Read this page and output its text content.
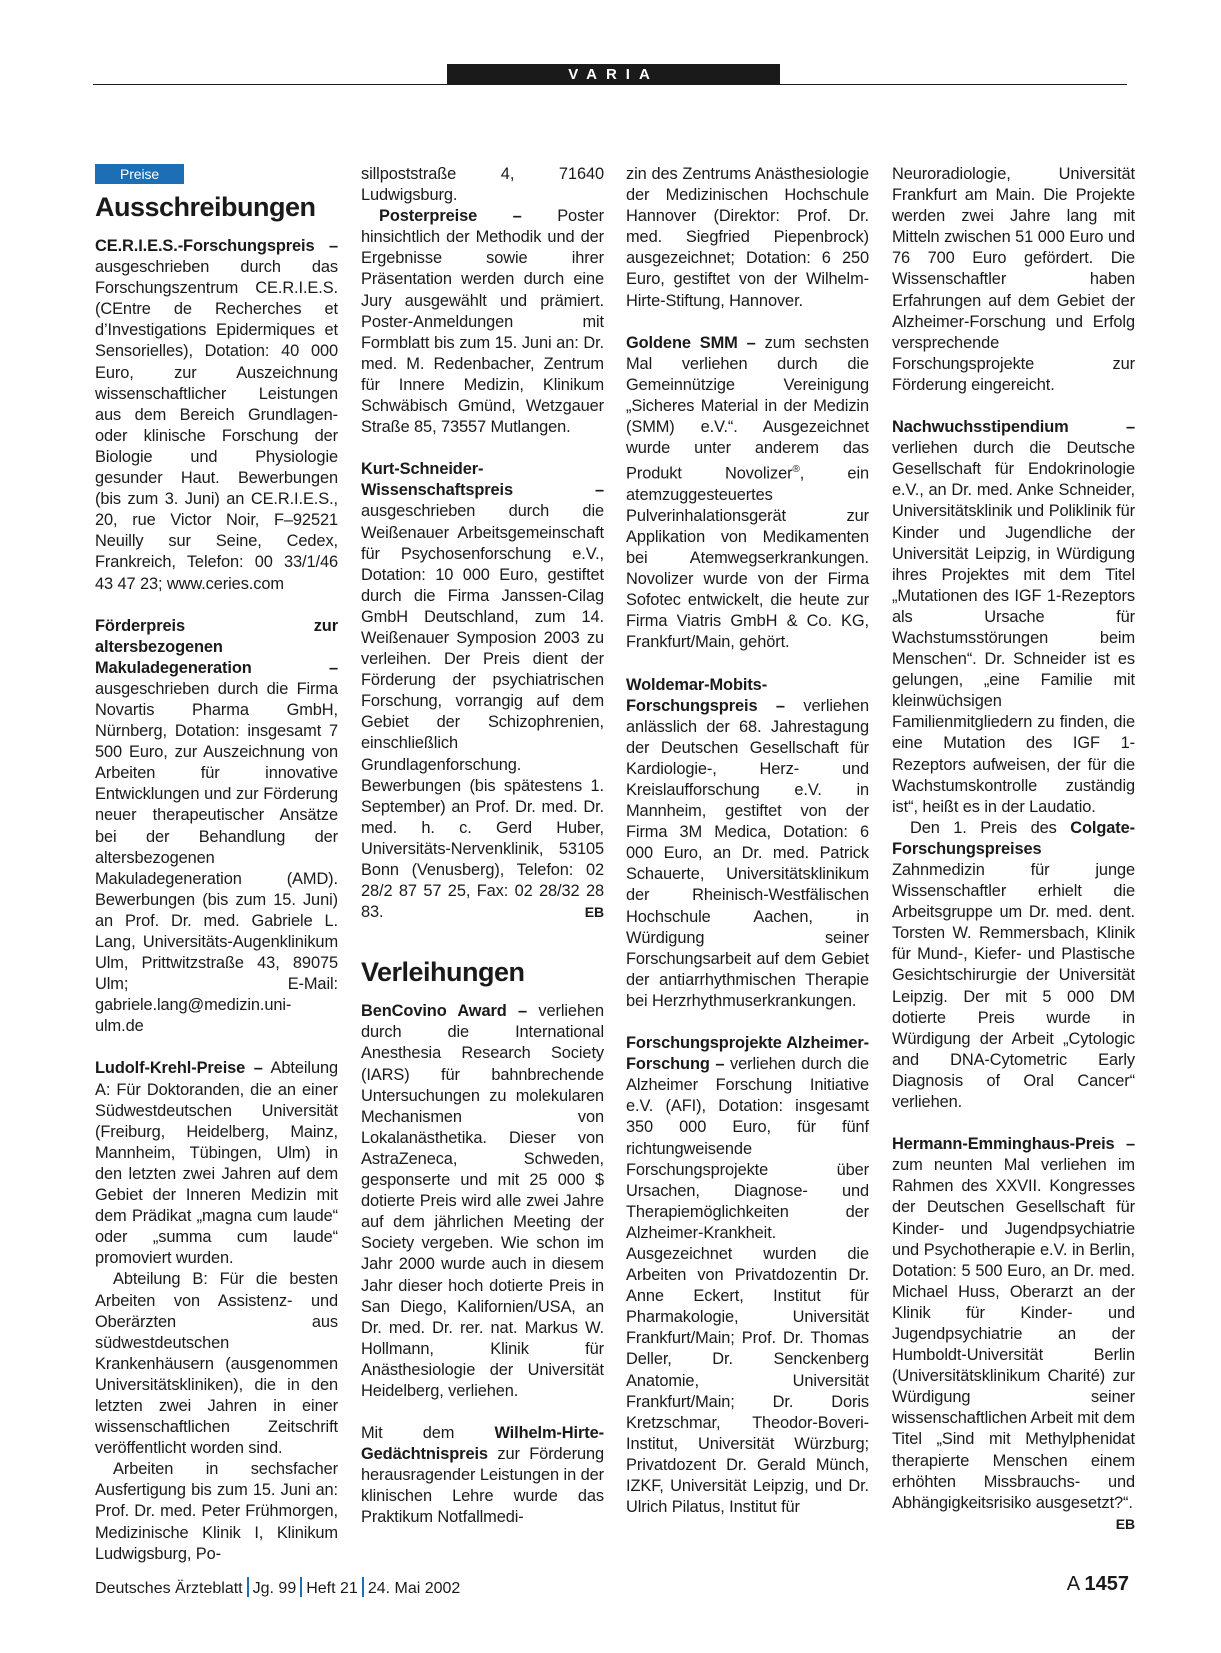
VARIA
Preise
Ausschreibungen

CE.R.I.E.S.-Forschungspreis – ausgeschrieben durch das Forschungszentrum CE.R.I.E.S. (CEntre de Recherches et d’Investigations Epidermiques et Sensorielles), Dotation: 40 000 Euro, zur Auszeichnung wissenschaftlicher Leistungen aus dem Bereich Grundlagen- oder klinische Forschung der Biologie und Physiologie gesunder Haut. Bewerbungen (bis zum 3. Juni) an CE.R.I.E.S., 20, rue Victor Noir, F–92521 Neuilly sur Seine, Cedex, Frankreich, Telefon: 00 33/1/46 43 47 23; www.ceries.com

Förderpreis zur altersbezogenen Makuladegeneration – ausgeschrieben durch die Firma Novartis Pharma GmbH, Nürnberg, Dotation: insgesamt 7 500 Euro, zur Auszeichnung von Arbeiten für innovative Entwicklungen und zur Förderung neuer therapeutischer Ansätze bei der Behandlung der altersbezogenen Makuladegeneration (AMD). Bewerbungen (bis zum 15. Juni) an Prof. Dr. med. Gabriele L. Lang, Universitäts-Augenklinikum Ulm, Prittwitzstraße 43, 89075 Ulm; E-Mail: gabriele.lang@medizin.uni-ulm.de

Ludolf-Krehl-Preise – Abteilung A: Für Doktoranden, die an einer Südwestdeutschen Universität (Freiburg, Heidelberg, Mainz, Mannheim, Tübingen, Ulm) in den letzten zwei Jahren auf dem Gebiet der Inneren Medizin mit dem Prädikat „magna cum laude“ oder „summa cum laude“ promoviert wurden.

Abteilung B: Für die besten Arbeiten von Assistenz- und Oberärzten aus südwestdeutschen Krankenhäusern (ausgenommen Universitätskliniken), die in den letzten zwei Jahren in einer wissenschaftlichen Zeitschrift veröffentlicht worden sind.

Arbeiten in sechsfacher Ausfertigung bis zum 15. Juni an: Prof. Dr. med. Peter Frühmorgen, Medizinische Klinik I, Klinikum Ludwigsburg, Po-

sillpoststraße 4, 71640 Ludwigsburg.

Posterpreise – Poster hinsichtlich der Methodik und der Ergebnisse sowie ihrer Präsentation werden durch eine Jury ausgewählt und prämiert. Poster-Anmeldungen mit Formblatt bis zum 15. Juni an: Dr. med. M. Redenbacher, Zentrum für Innere Medizin, Klinikum Schwäbisch Gmünd, Wetzgauer Straße 85, 73557 Mutlangen.

Kurt-Schneider-Wissenschaftspreis – ausgeschrieben durch die Weißenauer Arbeitsgemeinschaft für Psychosenforschung e.V., Dotation: 10 000 Euro, gestiftet durch die Firma Janssen-Cilag GmbH Deutschland, zum 14. Weißenauer Symposion 2003 zu verleihen. Der Preis dient der Förderung der psychiatrischen Forschung, vorrangig auf dem Gebiet der Schizophrenien, einschließlich Grundlagenforschung. Bewerbungen (bis spätestens 1. September) an Prof. Dr. med. Dr. med. h. c. Gerd Huber, Universitäts-Nervenklinik, 53105 Bonn (Venusberg), Telefon: 02 28/2 87 57 25, Fax: 02 28/32 28 83.	EB

Verleihungen

BenCovino Award – verliehen durch die International Anesthesia Research Society (IARS) für bahnbrechende Untersuchungen zu molekularen Mechanismen von Lokalanästhetika. Dieser von AstraZeneca, Schweden, gesponserte und mit 25 000 $ dotierte Preis wird alle zwei Jahre auf dem jährlichen Meeting der Society vergeben. Wie schon im Jahr 2000 wurde auch in diesem Jahr dieser hoch dotierte Preis in San Diego, Kalifornien/USA, an Dr. med. Dr. rer. nat. Markus W. Hollmann, Klinik für Anästhesiologie der Universität Heidelberg, verliehen.

Mit dem Wilhelm-Hirte-Gedächtnispreis zur Förderung herausragender Leistungen in der klinischen Lehre wurde das Praktikum Notfallmedi-

zin des Zentrums Anästhesiologie der Medizinischen Hochschule Hannover (Direktor: Prof. Dr. med. Siegfried Piepenbrock) ausgezeichnet; Dotation: 6 250 Euro, gestiftet von der Wilhelm-Hirte-Stiftung, Hannover.

Goldene SMM – zum sechsten Mal verliehen durch die Gemeinnützige Vereinigung „Sicheres Material in der Medizin (SMM) e.V.“. Ausgezeichnet wurde unter anderem das Produkt Novolizer®, ein atemzuggesteuertes Pulverinhalationsgerät zur Applikation von Medikamenten bei Atemwegserkrankungen. Novolizer wurde von der Firma Sofotec entwickelt, die heute zur Firma Viatris GmbH & Co. KG, Frankfurt/Main, gehört.

Woldemar-Mobits-Forschungspreis – verliehen anlässlich der 68. Jahrestagung der Deutschen Gesellschaft für Kardiologie-, Herz- und Kreislaufforschung e.V. in Mannheim, gestiftet von der Firma 3M Medica, Dotation: 6 000 Euro, an Dr. med. Patrick Schauerte, Universitätsklinikum der Rheinisch-Westfälischen Hochschule Aachen, in Würdigung seiner Forschungsarbeit auf dem Gebiet der antiarrhythmischen Therapie bei Herzrhythmuserkrankungen.

Forschungsprojekte Alzheimer-Forschung – verliehen durch die Alzheimer Forschung Initiative e.V. (AFI), Dotation: insgesamt 350 000 Euro, für fünf richtungweisende Forschungsprojekte über Ursachen, Diagnose- und Therapiemöglichkeiten der Alzheimer-Krankheit. Ausgezeichnet wurden die Arbeiten von Privatdozentin Dr. Anne Eckert, Institut für Pharmakologie, Universität Frankfurt/Main; Prof. Dr. Thomas Deller, Dr. Senckenberg Anatomie, Universität Frankfurt/Main; Dr. Doris Kretzschmar, Theodor-Boveri-Institut, Universität Würzburg; Privatdozent Dr. Gerald Münch, IZKF, Universität Leipzig, und Dr. Ulrich Pilatus, Institut für

Neuroradiologie, Universität Frankfurt am Main. Die Projekte werden zwei Jahre lang mit Mitteln zwischen 51 000 Euro und 76 700 Euro gefördert. Die Wissenschaftler haben Erfahrungen auf dem Gebiet der Alzheimer-Forschung und Erfolg versprechende Forschungsprojekte zur Förderung eingereicht.

Nachwuchsstipendium – verliehen durch die Deutsche Gesellschaft für Endokrinologie e.V., an Dr. med. Anke Schneider, Universitätsklinik und Poliklinik für Kinder und Jugendliche der Universität Leipzig, in Würdigung ihres Projektes mit dem Titel „Mutationen des IGF 1-Rezeptors als Ursache für Wachstumsstörungen beim Menschen“. Dr. Schneider ist es gelungen, „eine Familie mit kleinwüchsigen Familienmitgliedern zu finden, die eine Mutation des IGF 1-Rezeptors aufweisen, der für die Wachstumskontrolle zuständig ist“, heißt es in der Laudatio.

Den 1. Preis des Colgate-Forschungspreises Zahnmedizin für junge Wissenschaftler erhielt die Arbeitsgruppe um Dr. med. dent. Torsten W. Remmersbach, Klinik für Mund-, Kiefer- und Plastische Gesichtschirurgie der Universität Leipzig. Der mit 5 000 DM dotierte Preis wurde in Würdigung der Arbeit „Cytologic and DNA-Cytometric Early Diagnosis of Oral Cancer“ verliehen.

Hermann-Emminghaus-Preis – zum neunten Mal verliehen im Rahmen des XXVII. Kongresses der Deutschen Gesellschaft für Kinder- und Jugendpsychiatrie und Psychotherapie e.V. in Berlin, Dotation: 5 500 Euro, an Dr. med. Michael Huss, Oberarzt an der Klinik für Kinder- und Jugendpsychiatrie an der Humboldt-Universität Berlin (Universitätsklinikum Charité) zur Würdigung seiner wissenschaftlichen Arbeit mit dem Titel „Sind mit Methylphenidat therapierte Menschen einem erhöhten Missbrauchs- und Abhängigkeitsrisiko ausgesetzt?“.
EB

Deutsches Ärzteblatt Jg. 99 Heft 21 24. Mai 2002	A 1457
